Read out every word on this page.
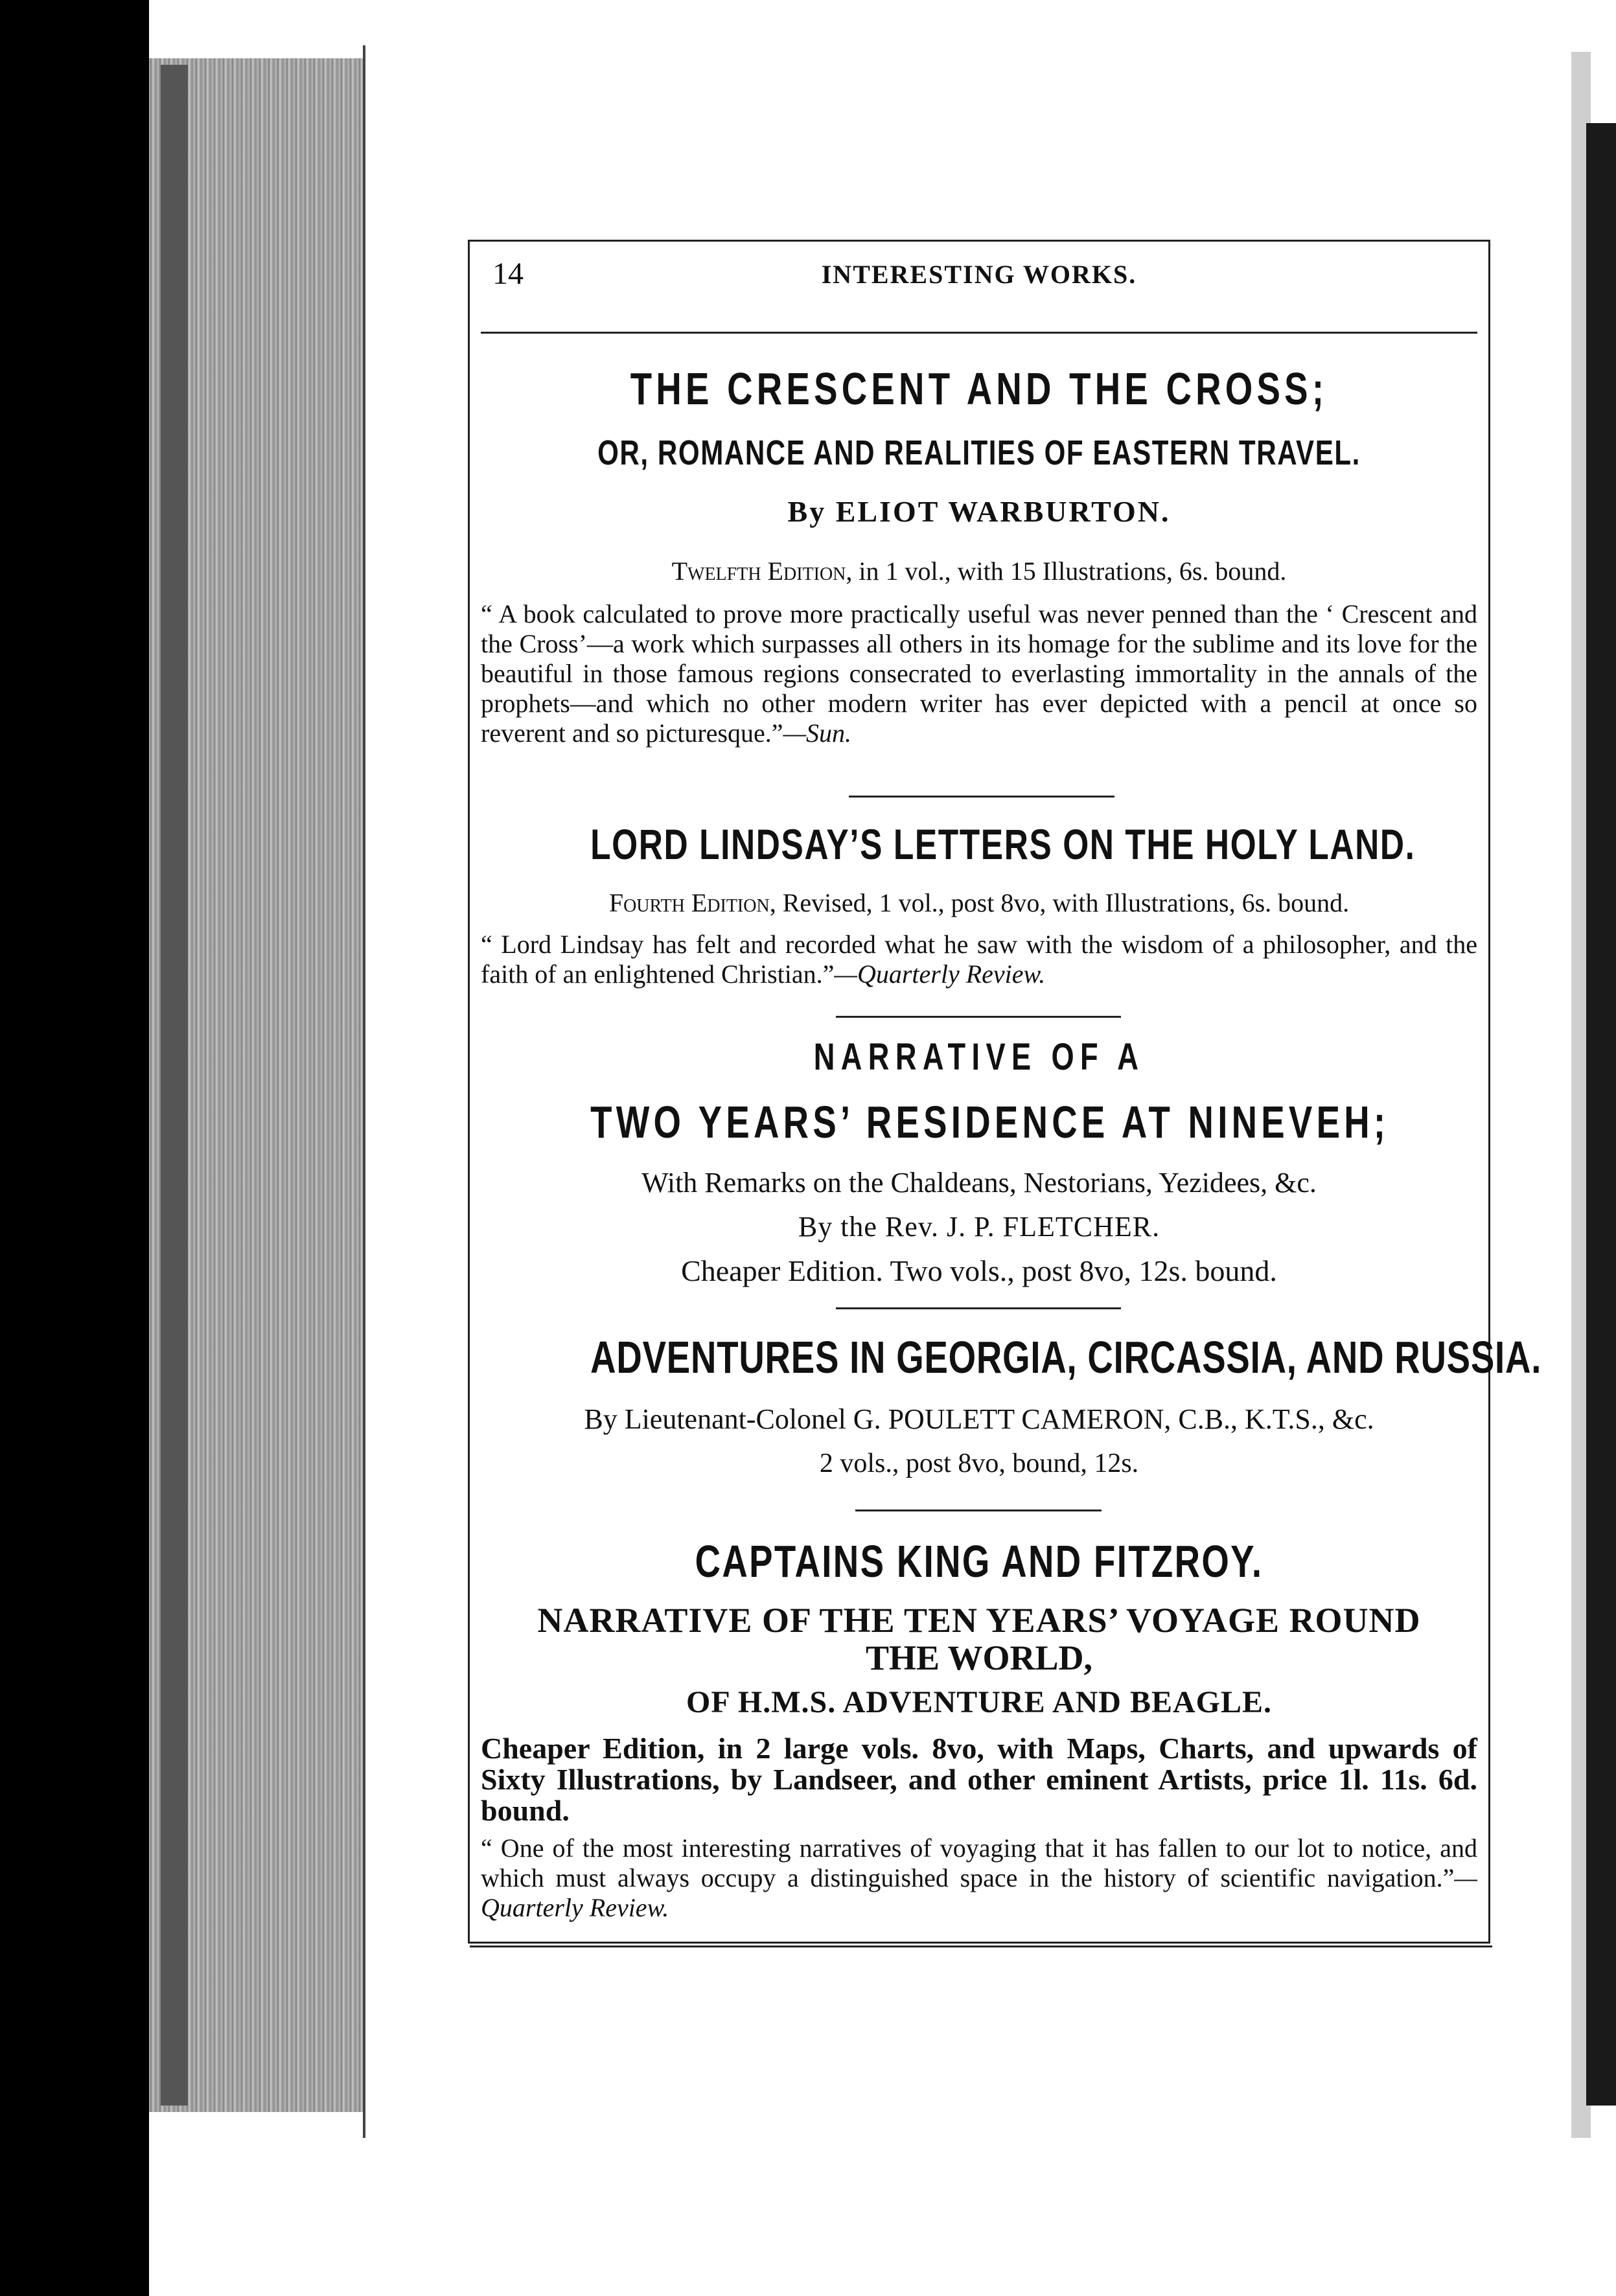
14	INTERESTING WORKS.
THE CRESCENT AND THE CROSS;
OR, ROMANCE AND REALITIES OF EASTERN TRAVEL.
By ELIOT WARBURTON.
Twelfth Edition, in 1 vol., with 15 Illustrations, 6s. bound.
“ A book calculated to prove more practically useful was never penned than the ‘ Crescent and the Cross’—a work which surpasses all others in its homage for the sublime and its love for the beautiful in those famous regions consecrated to everlasting immortality in the annals of the prophets—and which no other modern writer has ever depicted with a pencil at once so reverent and so picturesque.”—Sun.
LORD LINDSAY’S LETTERS ON THE HOLY LAND.
Fourth Edition, Revised, 1 vol., post 8vo, with Illustrations, 6s. bound.
“ Lord Lindsay has felt and recorded what he saw with the wisdom of a philosopher, and the faith of an enlightened Christian.”—Quarterly Review.
NARRATIVE OF A
TWO YEARS’ RESIDENCE AT NINEVEH;
With Remarks on the Chaldeans, Nestorians, Yezidees, &c.
By the Rev. J. P. FLETCHER.
Cheaper Edition. Two vols., post 8vo, 12s. bound.
ADVENTURES IN GEORGIA, CIRCASSIA, AND RUSSIA.
By Lieutenant-Colonel G. POULETT CAMERON, C.B., K.T.S., &c.
2 vols., post 8vo, bound, 12s.
CAPTAINS KING AND FITZROY.
NARRATIVE OF THE TEN YEARS’ VOYAGE ROUND
THE WORLD,
OF H.M.S. ADVENTURE AND BEAGLE.
Cheaper Edition, in 2 large vols. 8vo, with Maps, Charts, and upwards of Sixty Illustrations, by Landseer, and other eminent Artists, price 1l. 11s. 6d. bound.
“ One of the most interesting narratives of voyaging that it has fallen to our lot to notice, and which must always occupy a distinguished space in the history of scientific navigation.”—Quarterly Review.
